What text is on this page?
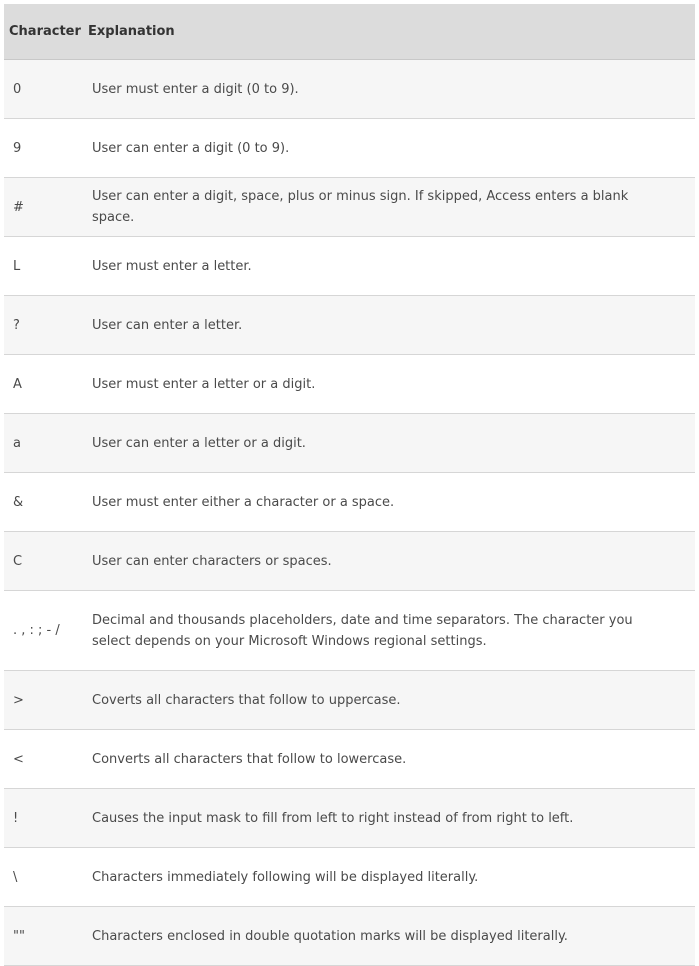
Character	Explanation
0	User must enter a digit (0 to 9).
9	User can enter a digit (0 to 9).
#	User can enter a digit, space, plus or minus sign. If skipped, Access enters a blank space.
L	User must enter a letter.
?	User can enter a letter.
A	User must enter a letter or a digit.
a	User can enter a letter or a digit.
&	User must enter either a character or a space.
C	User can enter characters or spaces.
. , : ; - /	Decimal and thousands placeholders, date and time separators. The character you select depends on your Microsoft Windows regional settings.
>	Coverts all characters that follow to uppercase.
<	Converts all characters that follow to lowercase.
!	Causes the input mask to fill from left to right instead of from right to left.
\	Characters immediately following will be displayed literally.
""	Characters enclosed in double quotation marks will be displayed literally.
